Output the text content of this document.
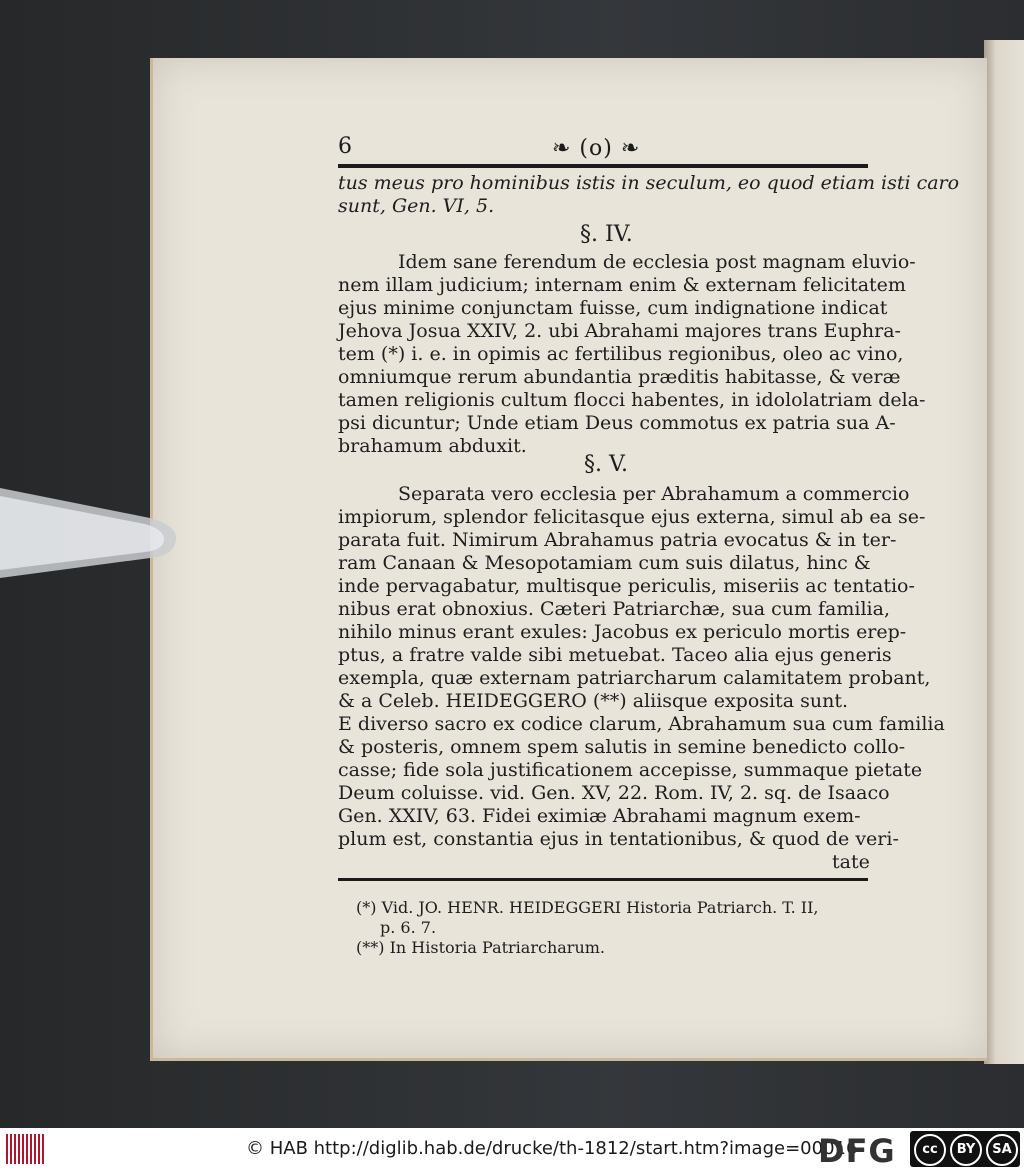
6	❧ (o) ❧
tus meus pro hominibus istis in seculum, eo quod etiam isti caro
sunt, Gen. VI, 5.
§. IV.
Idem sane ferendum de ecclesia post magnam eluvio-
nem illam judicium; internam enim & externam felicitatem
ejus minime conjunctam fuisse, cum indignatione indicat
Jehova Josua XXIV, 2. ubi Abrahami majores trans Euphra-
tem (*) i. e. in opimis ac fertilibus regionibus, oleo ac vino,
omniumque rerum abundantia præditis habitasse, & veræ
tamen religionis cultum flocci habentes, in idololatriam dela-
psi dicuntur; Unde etiam Deus commotus ex patria sua A-
brahamum abduxit.
§. V.
Separata vero ecclesia per Abrahamum a commercio
impiorum, splendor felicitasque ejus externa, simul ab ea se-
parata fuit. Nimirum Abrahamus patria evocatus & in ter-
ram Canaan & Mesopotamiam cum suis dilatus, hinc &
inde pervagabatur, multisque periculis, miseriis ac tentatio-
nibus erat obnoxius. Cæteri Patriarchæ, sua cum familia,
nihilo minus erant exules: Jacobus ex periculo mortis erep-
ptus, a fratre valde sibi metuebat. Taceo alia ejus generis
exempla, quæ externam patriarcharum calamitatem probant,
& a Celeb. HEIDEGGERO (**) aliisque exposita sunt.
E diverso sacro ex codice clarum, Abrahamum sua cum familia
& posteris, omnem spem salutis in semine benedicto collo-
casse; fide sola justificationem accepisse, summaque pietate
Deum coluisse. vid. Gen. XV, 22. Rom. IV, 2. sq. de Isaaco
Gen. XXIV, 63. Fidei eximiæ Abrahami magnum exem-
plum est, constantia ejus in tentationibus, & quod de veri-
tate
(*) Vid. JO. HENR. HEIDEGGERI Historia Patriarch. T. II,
p. 6. 7.
(**) In Historia Patriarcharum.
© HAB http://diglib.hab.de/drucke/th-1812/start.htm?image=00016
DFG	cc	BY	SA
